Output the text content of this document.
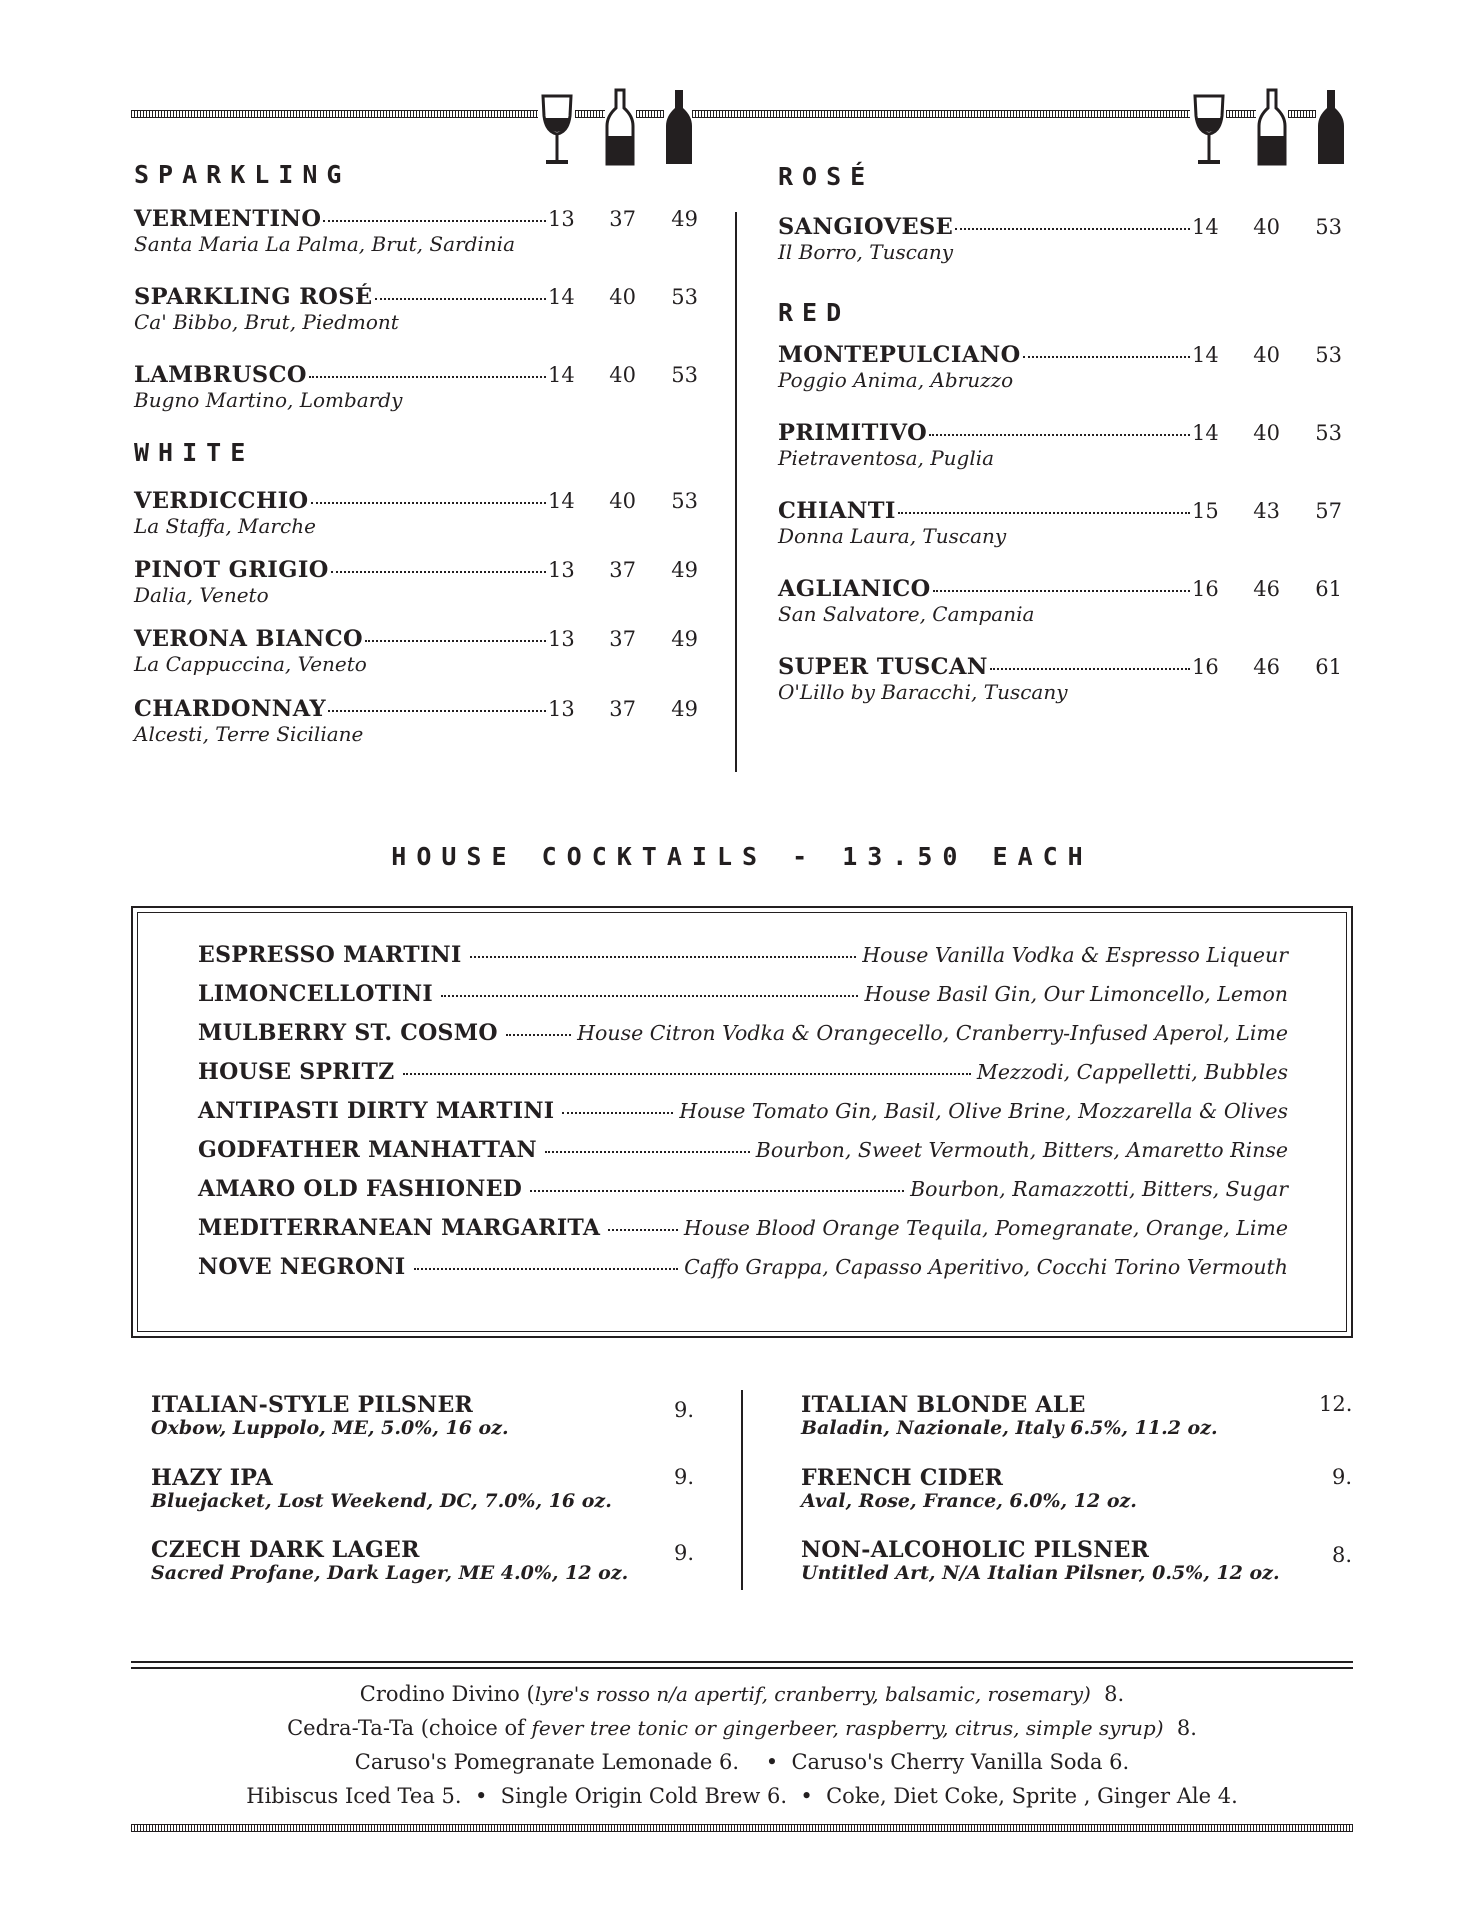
SPARKLING
WHITE
ROSÉ
RED
VERMENTINO	13	37	49
Santa Maria La Palma, Brut, Sardinia
SPARKLING ROSÉ	14	40	53
Ca' Bibbo, Brut, Piedmont
LAMBRUSCO	14	40	53
Bugno Martino, Lombardy
VERDICCHIO	14	40	53
La Staffa, Marche
PINOT GRIGIO	13	37	49
Dalia, Veneto
VERONA BIANCO	13	37	49
La Cappuccina, Veneto
CHARDONNAY	13	37	49
Alcesti, Terre Siciliane
SANGIOVESE	14	40	53
Il Borro, Tuscany
MONTEPULCIANO	14	40	53
Poggio Anima, Abruzzo
PRIMITIVO	14	40	53
Pietraventosa, Puglia
CHIANTI	15	43	57
Donna Laura, Tuscany
AGLIANICO	16	46	61
San Salvatore, Campania
SUPER TUSCAN	16	46	61
O'Lillo by Baracchi, Tuscany
HOUSE COCKTAILS - 13.50 EACH
ESPRESSO MARTINI	House Vanilla Vodka & Espresso Liqueur
LIMONCELLOTINI	House Basil Gin, Our Limoncello, Lemon
MULBERRY ST. COSMO	House Citron Vodka & Orangecello, Cranberry-Infused Aperol, Lime
HOUSE SPRITZ	Mezzodi, Cappelletti, Bubbles
ANTIPASTI DIRTY MARTINI	House Tomato Gin, Basil, Olive Brine, Mozzarella & Olives
GODFATHER MANHATTAN	Bourbon, Sweet Vermouth, Bitters, Amaretto Rinse
AMARO OLD FASHIONED	Bourbon, Ramazzotti, Bitters, Sugar
MEDITERRANEAN MARGARITA	House Blood Orange Tequila, Pomegranate, Orange, Lime
NOVE NEGRONI	Caffo Grappa, Capasso Aperitivo, Cocchi Torino Vermouth
ITALIAN-STYLE PILSNER
Oxbow, Luppolo, ME, 5.0%, 16 oz.
9.
HAZY IPA
Bluejacket, Lost Weekend, DC, 7.0%, 16 oz.
9.
CZECH DARK LAGER
Sacred Profane, Dark Lager, ME 4.0%, 12 oz.
9.
ITALIAN BLONDE ALE
Baladin, Nazionale, Italy 6.5%, 11.2 oz.
12.
FRENCH CIDER
Aval, Rose, France, 6.0%, 12 oz.
9.
NON-ALCOHOLIC PILSNER
Untitled Art, N/A Italian Pilsner, 0.5%, 12 oz.
8.
Crodino Divino (lyre's rosso n/a apertif, cranberry, balsamic, rosemary) 8.
Cedra-Ta-Ta (choice of fever tree tonic or gingerbeer, raspberry, citrus, simple syrup) 8.
Caruso's Pomegranate Lemonade 6.    •  Caruso's Cherry Vanilla Soda 6.
Hibiscus Iced Tea 5.  •  Single Origin Cold Brew 6.  •  Coke, Diet Coke, Sprite , Ginger Ale 4.
